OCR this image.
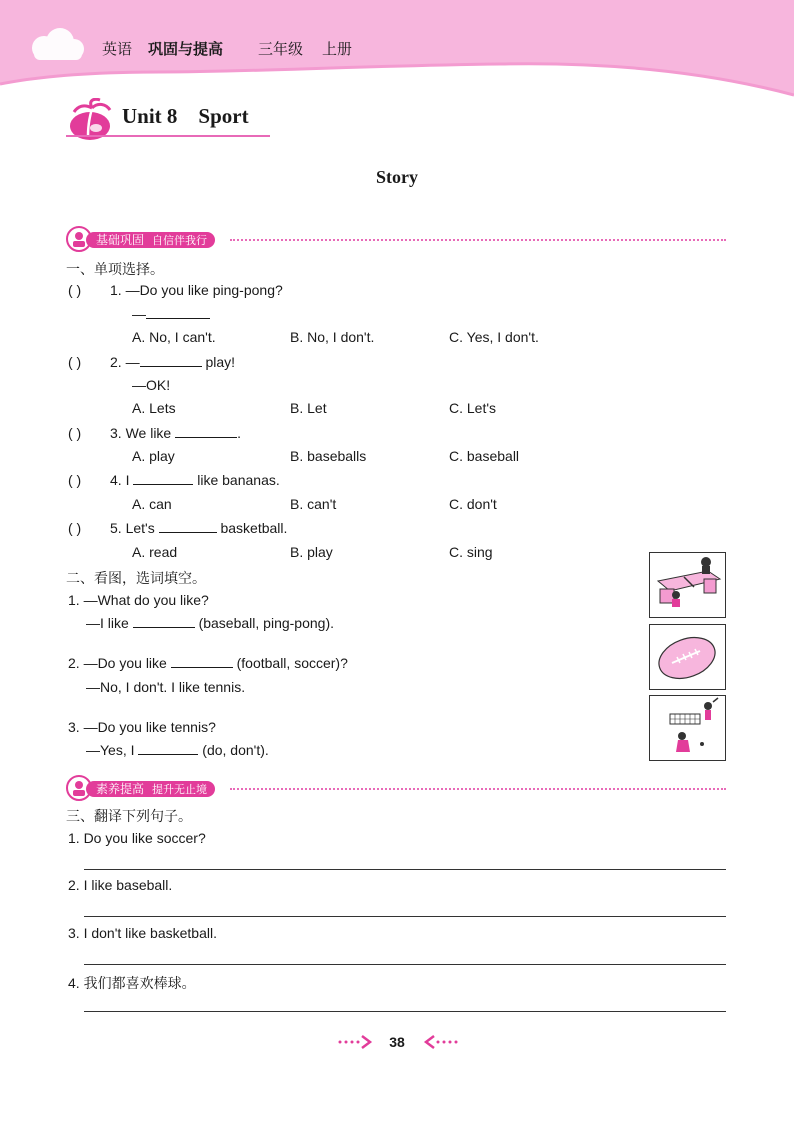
英语 巩固与提高 三年级 上册
Unit 8    Sport
Story
基础巩固 自信伴我行
一、单项选择。
( ) 1. —Do you like ping-pong?
—
A. No, I can't.	B. No, I don't.	C. Yes, I don't.
( ) 2. —	play!
—OK!
A. Lets	B. Let	C. Let's
( ) 3. We like	.
A. play	B. baseballs	C. baseball
( ) 4. I	like bananas.
A. can	B. can't	C. don't
( ) 5. Let's	basketball.
A. read	B. play	C. sing
二、看图，选词填空。
1. —What do you like?
—I like	(baseball, ping-pong).
2. —Do you like	(football, soccer)?
—No, I don't. I like tennis.
3. —Do you like tennis?
—Yes, I	(do, don't).
素养提高 提升无止境
三、翻译下列句子。
1. Do you like soccer?
2. I like baseball.
3. I don't like basketball.
4. 我们都喜欢棒球。
38
